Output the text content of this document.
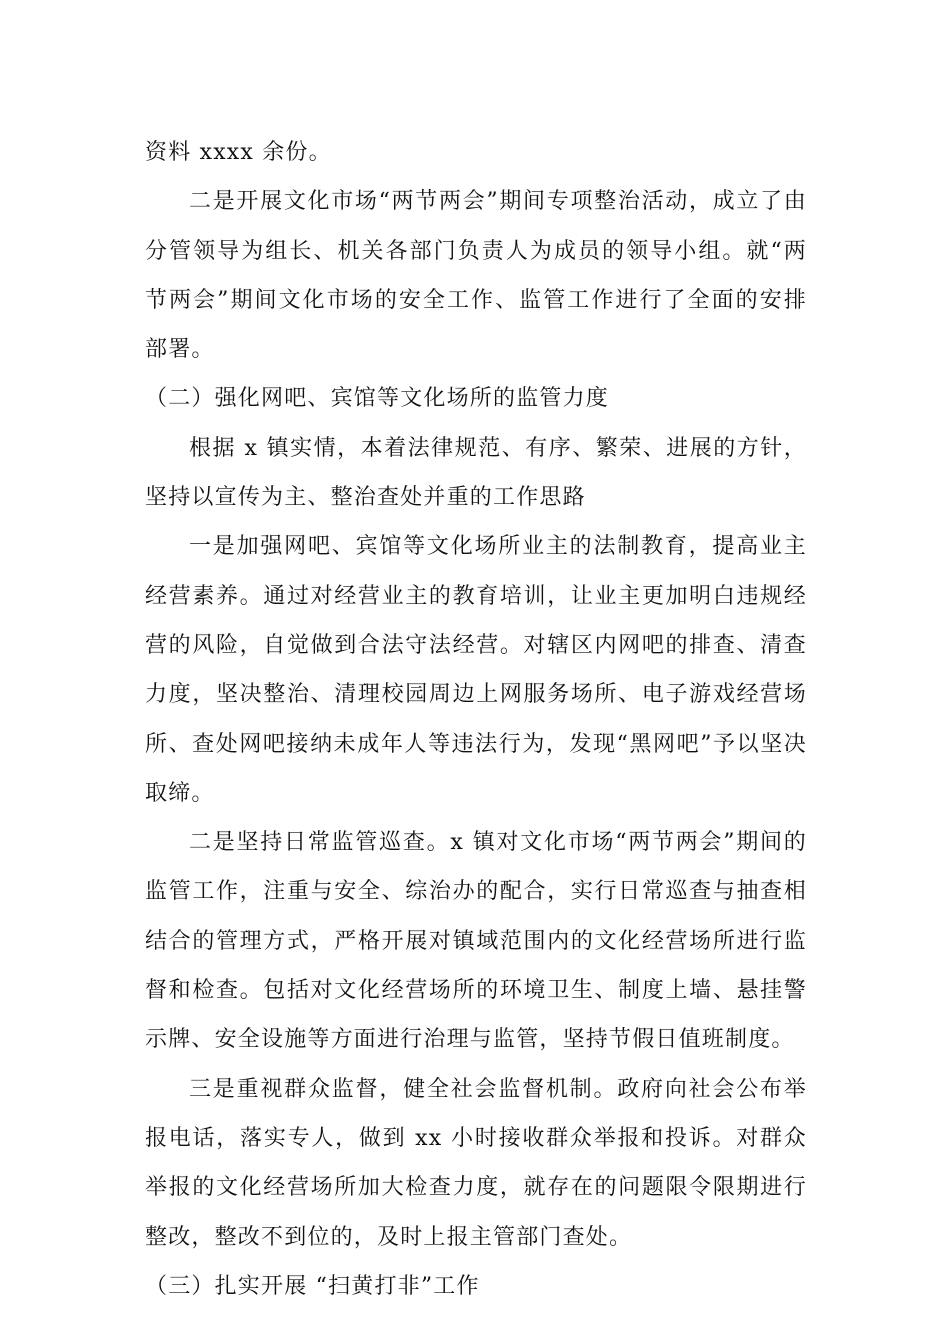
资料 xxxx 余份。

二是开展文化市场“两节两会”期间专项整治活动，成立了由分管领导为组长、机关各部门负责人为成员的领导小组。就“两节两会”期间文化市场的安全工作、监管工作进行了全面的安排部署。

（二）强化网吧、宾馆等文化场所的监管力度

根据 x 镇实情，本着法律规范、有序、繁荣、进展的方针，坚持以宣传为主、整治查处并重的工作思路

一是加强网吧、宾馆等文化场所业主的法制教育，提高业主经营素养。通过对经营业主的教育培训，让业主更加明白违规经营的风险，自觉做到合法守法经营。对辖区内网吧的排查、清查力度，坚决整治、清理校园周边上网服务场所、电子游戏经营场所、查处网吧接纳未成年人等违法行为，发现“黑网吧”予以坚决取缔。

二是坚持日常监管巡查。x 镇对文化市场“两节两会”期间的监管工作，注重与安全、综治办的配合，实行日常巡查与抽查相结合的管理方式，严格开展对镇域范围内的文化经营场所进行监督和检查。包括对文化经营场所的环境卫生、制度上墙、悬挂警示牌、安全设施等方面进行治理与监管，坚持节假日值班制度。

三是重视群众监督，健全社会监督机制。政府向社会公布举报电话，落实专人，做到 xx 小时接收群众举报和投诉。对群众举报的文化经营场所加大检查力度，就存在的问题限令限期进行整改，整改不到位的，及时上报主管部门查处。

（三）扎实开展 “扫黄打非”工作
